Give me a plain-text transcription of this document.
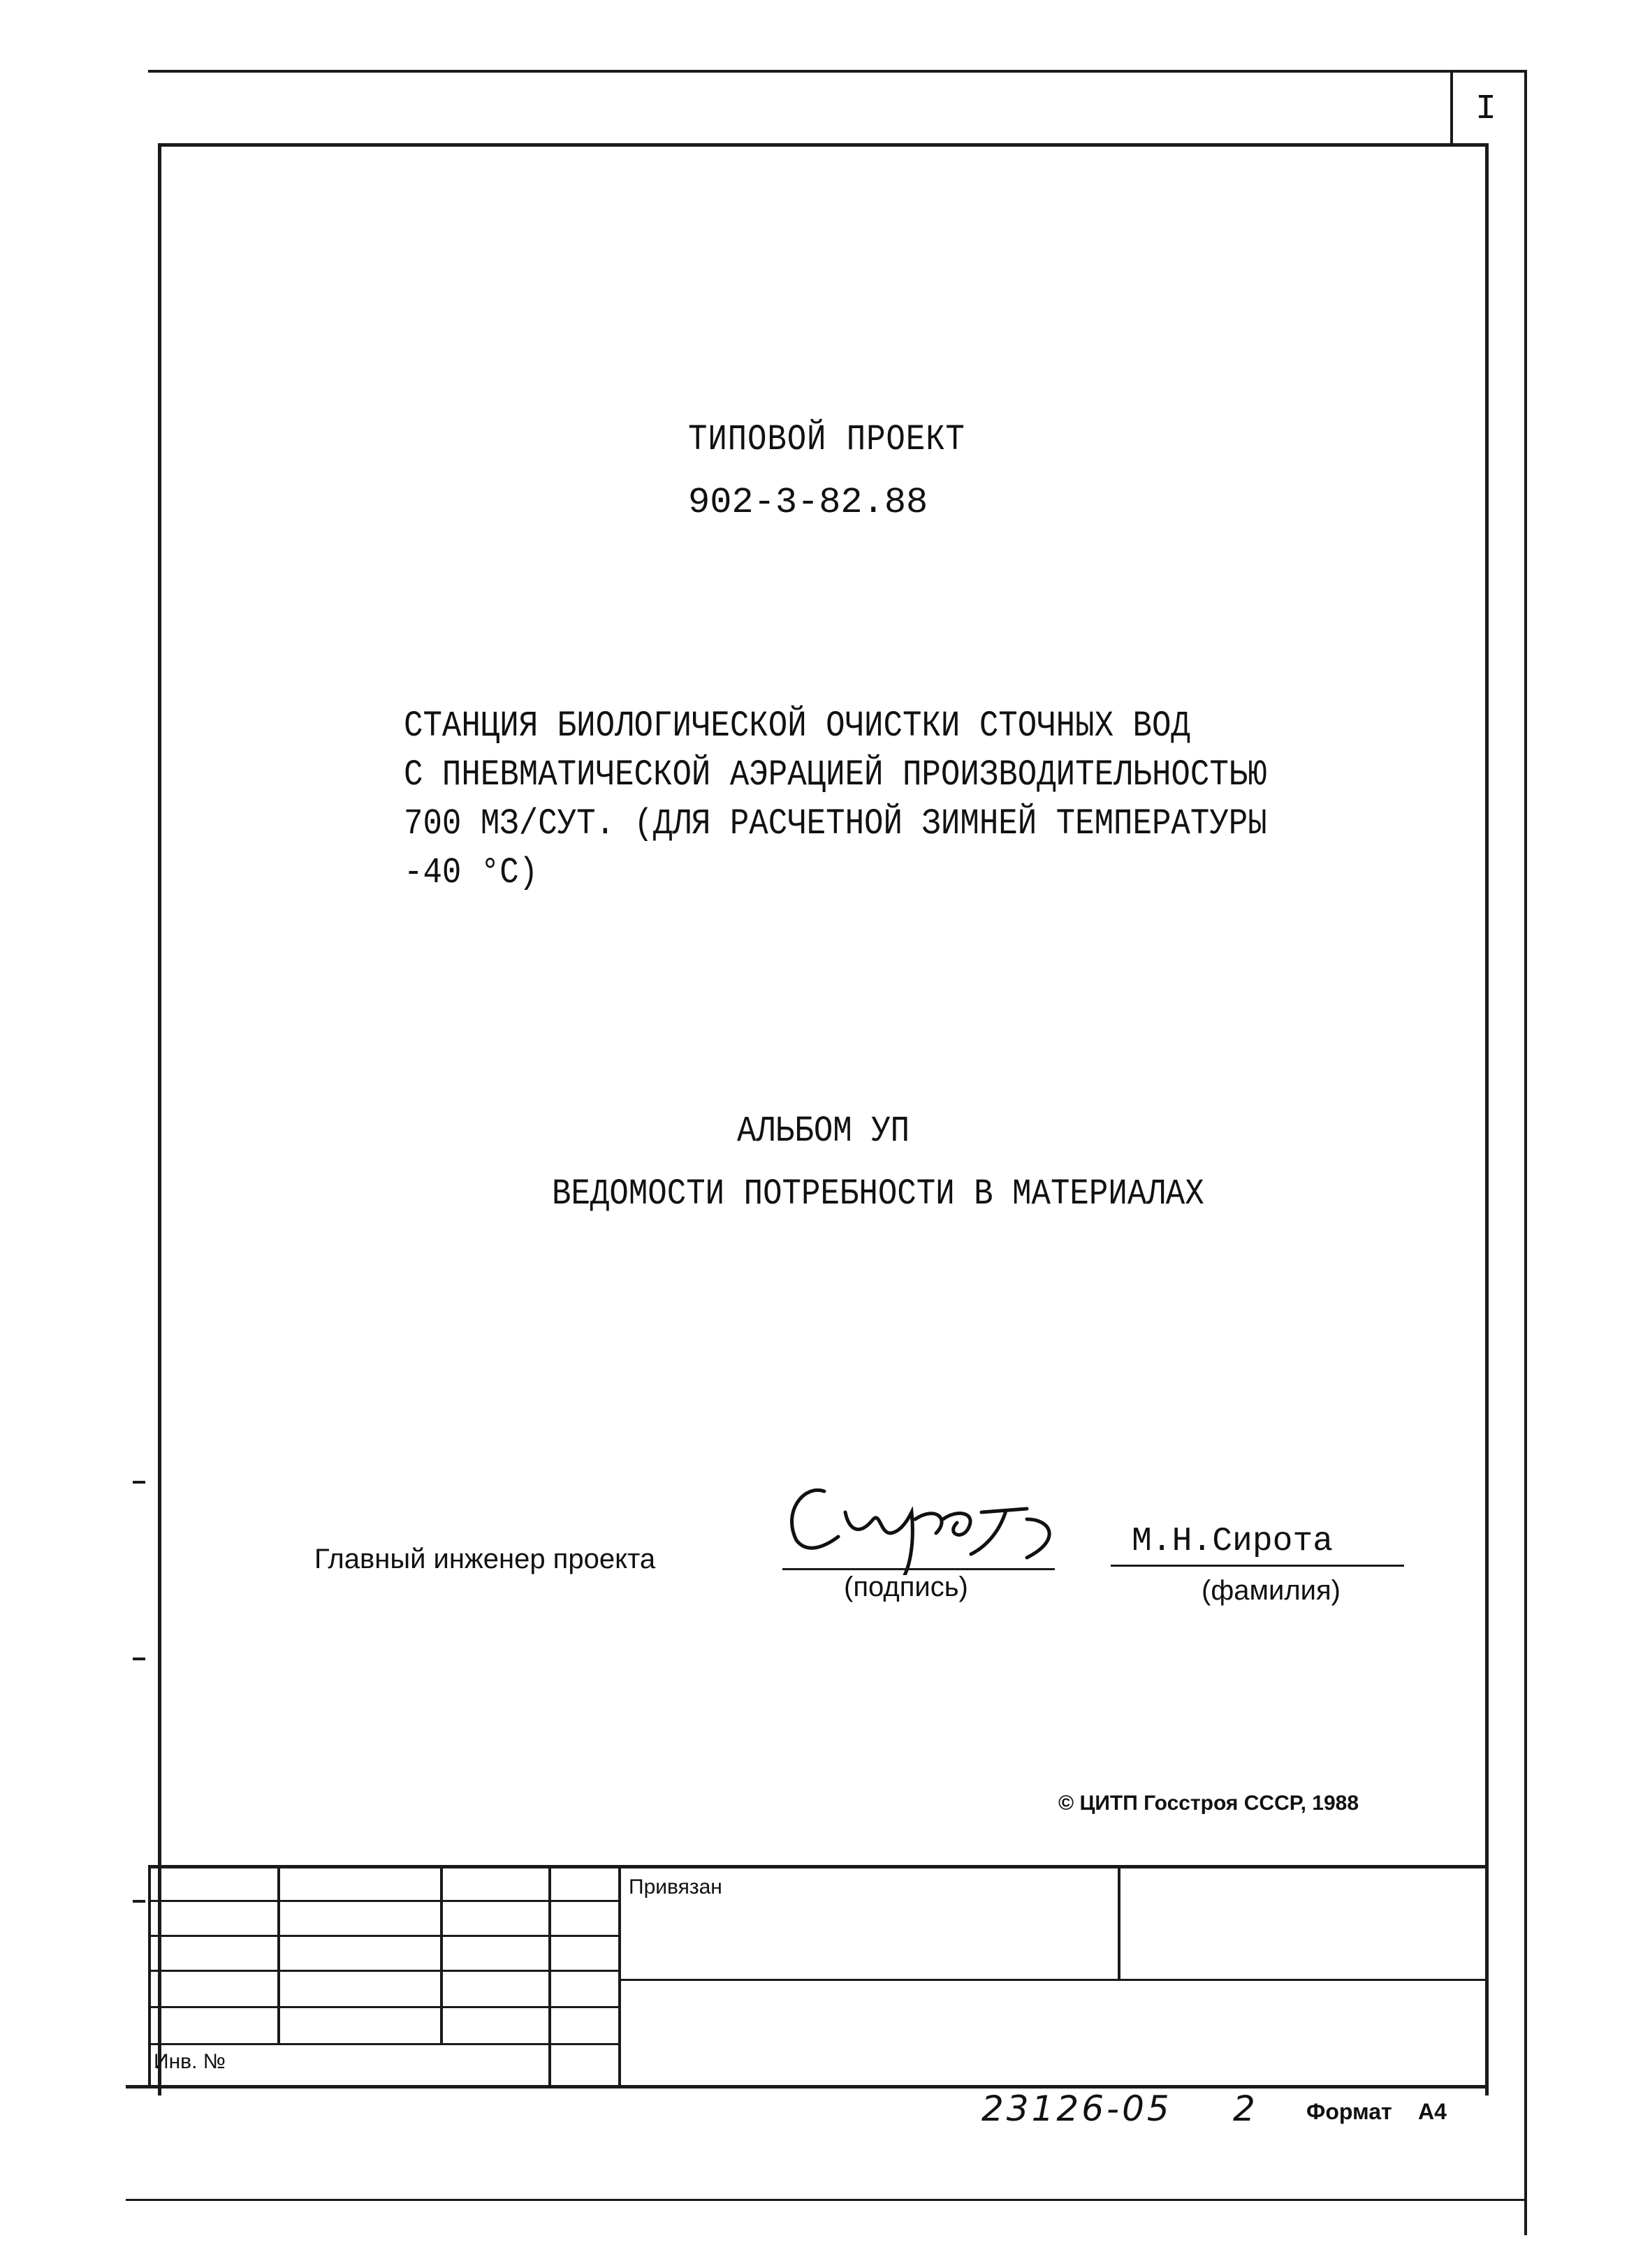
I
ТИПОВОЙ ПРОЕКТ
902-3-82.88
СТАНЦИЯ БИОЛОГИЧЕСКОЙ ОЧИСТКИ СТОЧНЫХ ВОД
С ПНЕВМАТИЧЕСКОЙ АЭРАЦИЕЙ ПРОИЗВОДИТЕЛЬНОСТЬЮ
700 МЗ/СУТ. (ДЛЯ РАСЧЕТНОЙ ЗИМНЕЙ ТЕМПЕРАТУРЫ
-40 °С)
АЛЬБОМ УП
ВЕДОМОСТИ ПОТРЕБНОСТИ В МАТЕРИАЛАХ
Главный инженер проекта
(подпись)
М.Н.Сирота
(фамилия)
© ЦИТП Госстроя СССР, 1988
Привязан
Инв. №
23126-05 2 Формат А4
